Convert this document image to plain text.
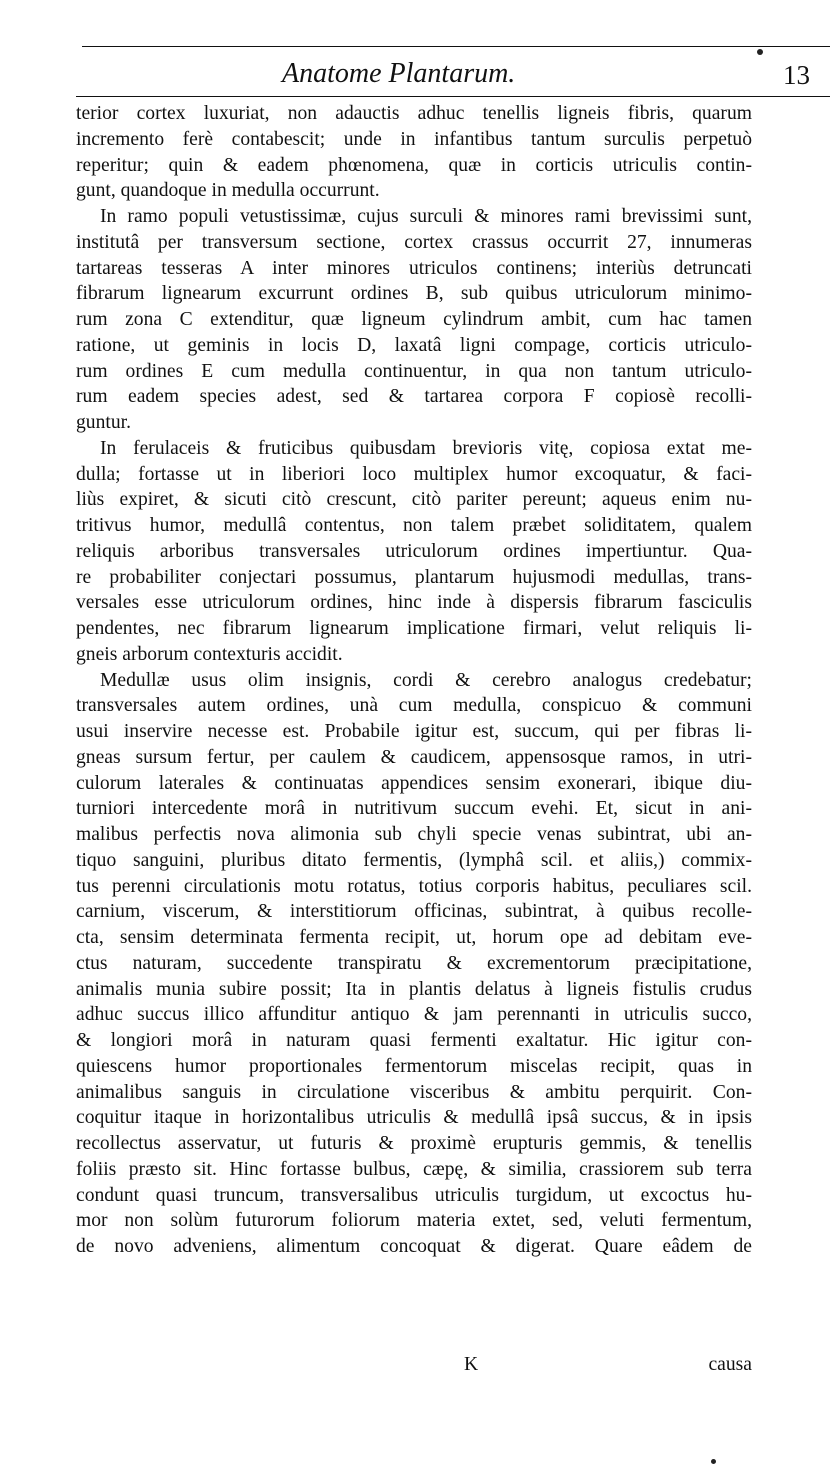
Anatome Plantarum.	13
terior cortex luxuriat, non adauctis adhuc tenellis ligneis fibris, quarum
incremento ferè contabescit; unde in infantibus tantum surculis perpetuò
reperitur; quin & eadem phœnomena, quæ in corticis utriculis contin-
gunt, quandoque in medulla occurrunt.
In ramo populi vetustissimæ, cujus surculi & minores rami brevissimi sunt,
institutâ per transversum sectione, cortex crassus occurrit 27, innumeras
tartareas tesseras A inter minores utriculos continens; interiùs detruncati
fibrarum lignearum excurrunt ordines B, sub quibus utriculorum minimo-
rum zona C extenditur, quæ ligneum cylindrum ambit, cum hac tamen
ratione, ut geminis in locis D, laxatâ ligni compage, corticis utriculo-
rum ordines E cum medulla continuentur, in qua non tantum utriculo-
rum eadem species adest, sed & tartarea corpora F copiosè recolli-
guntur.
In ferulaceis & fruticibus quibusdam brevioris vitę, copiosa extat me-
dulla; fortasse ut in liberiori loco multiplex humor excoquatur, & faci-
liùs expiret, & sicuti citò crescunt, citò pariter pereunt; aqueus enim nu-
tritivus humor, medullâ contentus, non talem præbet soliditatem, qualem
reliquis arboribus transversales utriculorum ordines impertiuntur. Qua-
re probabiliter conjectari possumus, plantarum hujusmodi medullas, trans-
versales esse utriculorum ordines, hinc inde à dispersis fibrarum fasciculis
pendentes, nec fibrarum lignearum implicatione firmari, velut reliquis li-
gneis arborum contexturis accidit.
Medullæ usus olim insignis, cordi & cerebro analogus credebatur;
transversales autem ordines, unà cum medulla, conspicuo & communi
usui inservire necesse est. Probabile igitur est, succum, qui per fibras li-
gneas sursum fertur, per caulem & caudicem, appensosque ramos, in utri-
culorum laterales & continuatas appendices sensim exonerari, ibique diu-
turniori intercedente morâ in nutritivum succum evehi. Et, sicut in ani-
malibus perfectis nova alimonia sub chyli specie venas subintrat, ubi an-
tiquo sanguini, pluribus ditato fermentis, (lymphâ scil. et aliis,) commix-
tus perenni circulationis motu rotatus, totius corporis habitus, peculiares scil.
carnium, viscerum, & interstitiorum officinas, subintrat, à quibus recolle-
cta, sensim determinata fermenta recipit, ut, horum ope ad debitam eve-
ctus naturam, succedente transpiratu & excrementorum præcipitatione,
animalis munia subire possit; Ita in plantis delatus à ligneis fistulis crudus
adhuc succus illico affunditur antiquo & jam perennanti in utriculis succo,
& longiori morâ in naturam quasi fermenti exaltatur. Hic igitur con-
quiescens humor proportionales fermentorum miscelas recipit, quas in
animalibus sanguis in circulatione visceribus & ambitu perquirit. Con-
coquitur itaque in horizontalibus utriculis & medullâ ipsâ succus, & in ipsis
recollectus asservatur, ut futuris & proximè erupturis gemmis, & tenellis
foliis præsto sit. Hinc fortasse bulbus, cæpę, & similia, crassiorem sub terra
condunt quasi truncum, transversalibus utriculis turgidum, ut excoctus hu-
mor non solùm futurorum foliorum materia extet, sed, veluti fermentum,
de novo adveniens, alimentum concoquat & digerat. Quare eâdem de
K	causa
